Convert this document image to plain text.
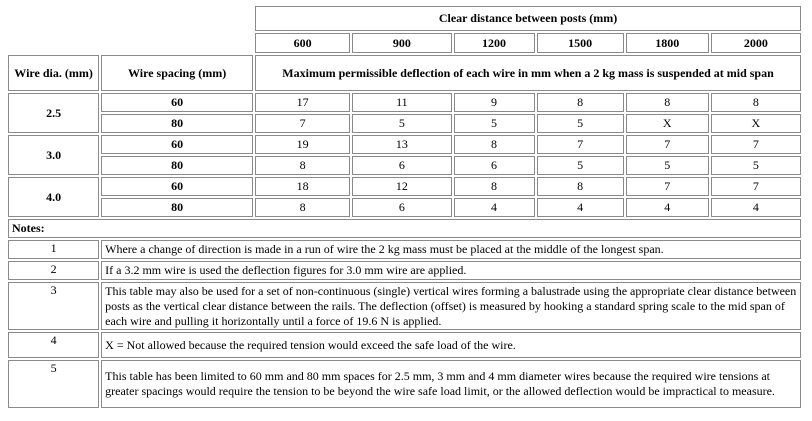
		Clear distance between posts (mm)					
		600	900	1200	1500	1800	2000
Wire dia. (mm)	Wire spacing (mm)	Maximum permissible deflection of each wire in mm when a 2 kg mass is suspended at mid span					
2.5	60	17	11	9	8	8	8
	80	7	5	5	5	X	X
3.0	60	19	13	8	7	7	7
	80	8	6	6	5	5	5
4.0	60	18	12	8	8	7	7
	80	8	6	4	4	4	4
Notes:							
1	Where a change of direction is made in a run of wire the 2 kg mass must be placed at the middle of the longest span.						
2	If a 3.2 mm wire is used the deflection figures for 3.0 mm wire are applied.						
3	This table may also be used for a set of non-continuous (single) vertical wires forming a balustrade using the appropriate clear distance between posts as the vertical clear distance between the rails. The deflection (offset) is measured by hooking a standard spring scale to the mid span of each wire and pulling it horizontally until a force of 19.6 N is applied.						
4	X = Not allowed because the required tension would exceed the safe load of the wire.						
5	This table has been limited to 60 mm and 80 mm spaces for 2.5 mm, 3 mm and 4 mm diameter wires because the required wire tensions at greater spacings would require the tension to be beyond the wire safe load limit, or the allowed deflection would be impractical to measure.						
